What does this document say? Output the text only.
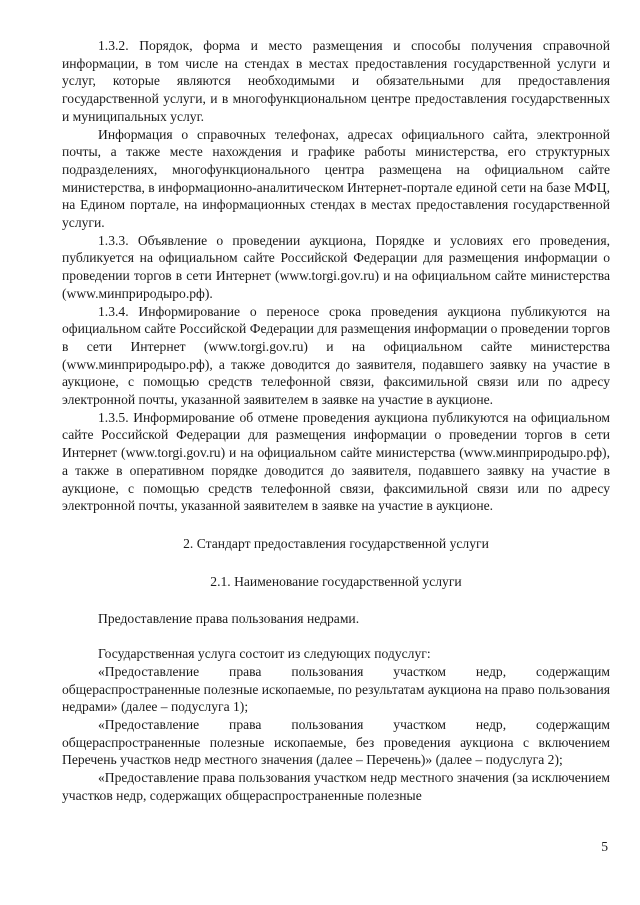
1.3.2. Порядок, форма и место размещения и способы получения справочной информации, в том числе на стендах в местах предоставления государственной услуги и услуг, которые являются необходимыми и обязательными для предоставления государственной услуги, и в многофункциональном центре предоставления государственных и муниципальных услуг.

Информация о справочных телефонах, адресах официального сайта, электронной почты, а также месте нахождения и графике работы министерства, его структурных подразделениях, многофункционального центра размещена на официальном сайте министерства, в информационно-аналитическом Интернет-портале единой сети на базе МФЦ, на Едином портале, на информационных стендах в местах предоставления государственной услуги.

1.3.3. Объявление о проведении аукциона, Порядке и условиях его проведения, публикуется на официальном сайте Российской Федерации для размещения информации о проведении торгов в сети Интернет (www.torgi.gov.ru) и на официальном сайте министерства (www.минприродыро.рф).

1.3.4. Информирование о переносе срока проведения аукциона публикуются на официальном сайте Российской Федерации для размещения информации о проведении торгов в сети Интернет (www.torgi.gov.ru) и на официальном сайте министерства (www.минприродыро.рф), а также доводится до заявителя, подавшего заявку на участие в аукционе, с помощью средств телефонной связи, факсимильной связи или по адресу электронной почты, указанной заявителем в заявке на участие в аукционе.

1.3.5. Информирование об отмене проведения аукциона публикуются на официальном сайте Российской Федерации для размещения информации о проведении торгов в сети Интернет (www.torgi.gov.ru) и на официальном сайте министерства (www.минприродыро.рф), а также в оперативном порядке доводится до заявителя, подавшего заявку на участие в аукционе, с помощью средств телефонной связи, факсимильной связи или по адресу электронной почты, указанной заявителем в заявке на участие в аукционе.

2. Стандарт предоставления государственной услуги

2.1. Наименование государственной услуги

Предоставление права пользования недрами.

Государственная услуга состоит из следующих подуслуг:

«Предоставление права пользования участком недр, содержащим общераспространенные полезные ископаемые, по результатам аукциона на право пользования недрами» (далее – подуслуга 1);

«Предоставление права пользования участком недр, содержащим общераспространенные полезные ископаемые, без проведения аукциона с включением Перечень участков недр местного значения (далее – Перечень)» (далее – подуслуга 2);

«Предоставление права пользования участком недр местного значения (за исключением участков недр, содержащих общераспространенные полезные

5
